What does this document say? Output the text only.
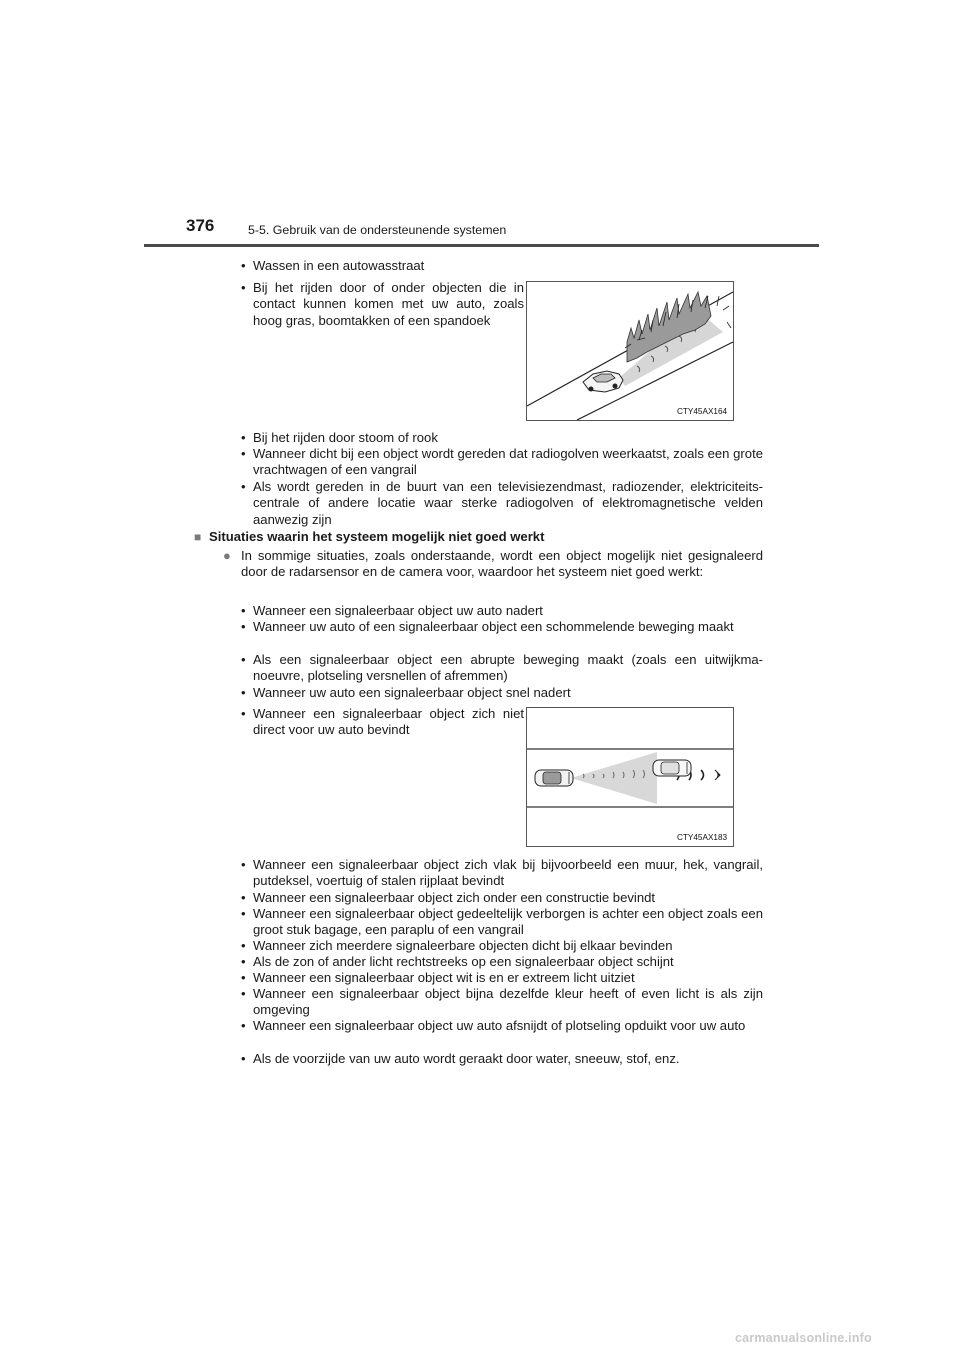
376	5-5. Gebruik van de ondersteunende systemen
• Wassen in een autowasstraat
• Bij het rijden door of onder objecten die in contact kunnen komen met uw auto, zoals hoog gras, boomtakken of een spandoek
CTY45AX164
• Bij het rijden door stoom of rook
• Wanneer dicht bij een object wordt gereden dat radiogolven weerkaatst, zoals een grote vrachtwagen of een vangrail
• Als wordt gereden in de buurt van een televisiezendmast, radiozender, elektriciteits-centrale of andere locatie waar sterke radiogolven of elektromagnetische velden aanwezig zijn
■ Situaties waarin het systeem mogelijk niet goed werkt
● In sommige situaties, zoals onderstaande, wordt een object mogelijk niet gesignaleerd door de radarsensor en de camera voor, waardoor het systeem niet goed werkt:
• Wanneer een signaleerbaar object uw auto nadert
• Wanneer uw auto of een signaleerbaar object een schommelende beweging maakt
• Als een signaleerbaar object een abrupte beweging maakt (zoals een uitwijkma-noeuvre, plotseling versnellen of afremmen)
• Wanneer uw auto een signaleerbaar object snel nadert
• Wanneer een signaleerbaar object zich niet direct voor uw auto bevindt
CTY45AX183
• Wanneer een signaleerbaar object zich vlak bij bijvoorbeeld een muur, hek, vangrail, putdeksel, voertuig of stalen rijplaat bevindt
• Wanneer een signaleerbaar object zich onder een constructie bevindt
• Wanneer een signaleerbaar object gedeeltelijk verborgen is achter een object zoals een groot stuk bagage, een paraplu of een vangrail
• Wanneer zich meerdere signaleerbare objecten dicht bij elkaar bevinden
• Als de zon of ander licht rechtstreeks op een signaleerbaar object schijnt
• Wanneer een signaleerbaar object wit is en er extreem licht uitziet
• Wanneer een signaleerbaar object bijna dezelfde kleur heeft of even licht is als zijn omgeving
• Wanneer een signaleerbaar object uw auto afsnijdt of plotseling opduikt voor uw auto
• Als de voorzijde van uw auto wordt geraakt door water, sneeuw, stof, enz.
carmanualsonline.info
